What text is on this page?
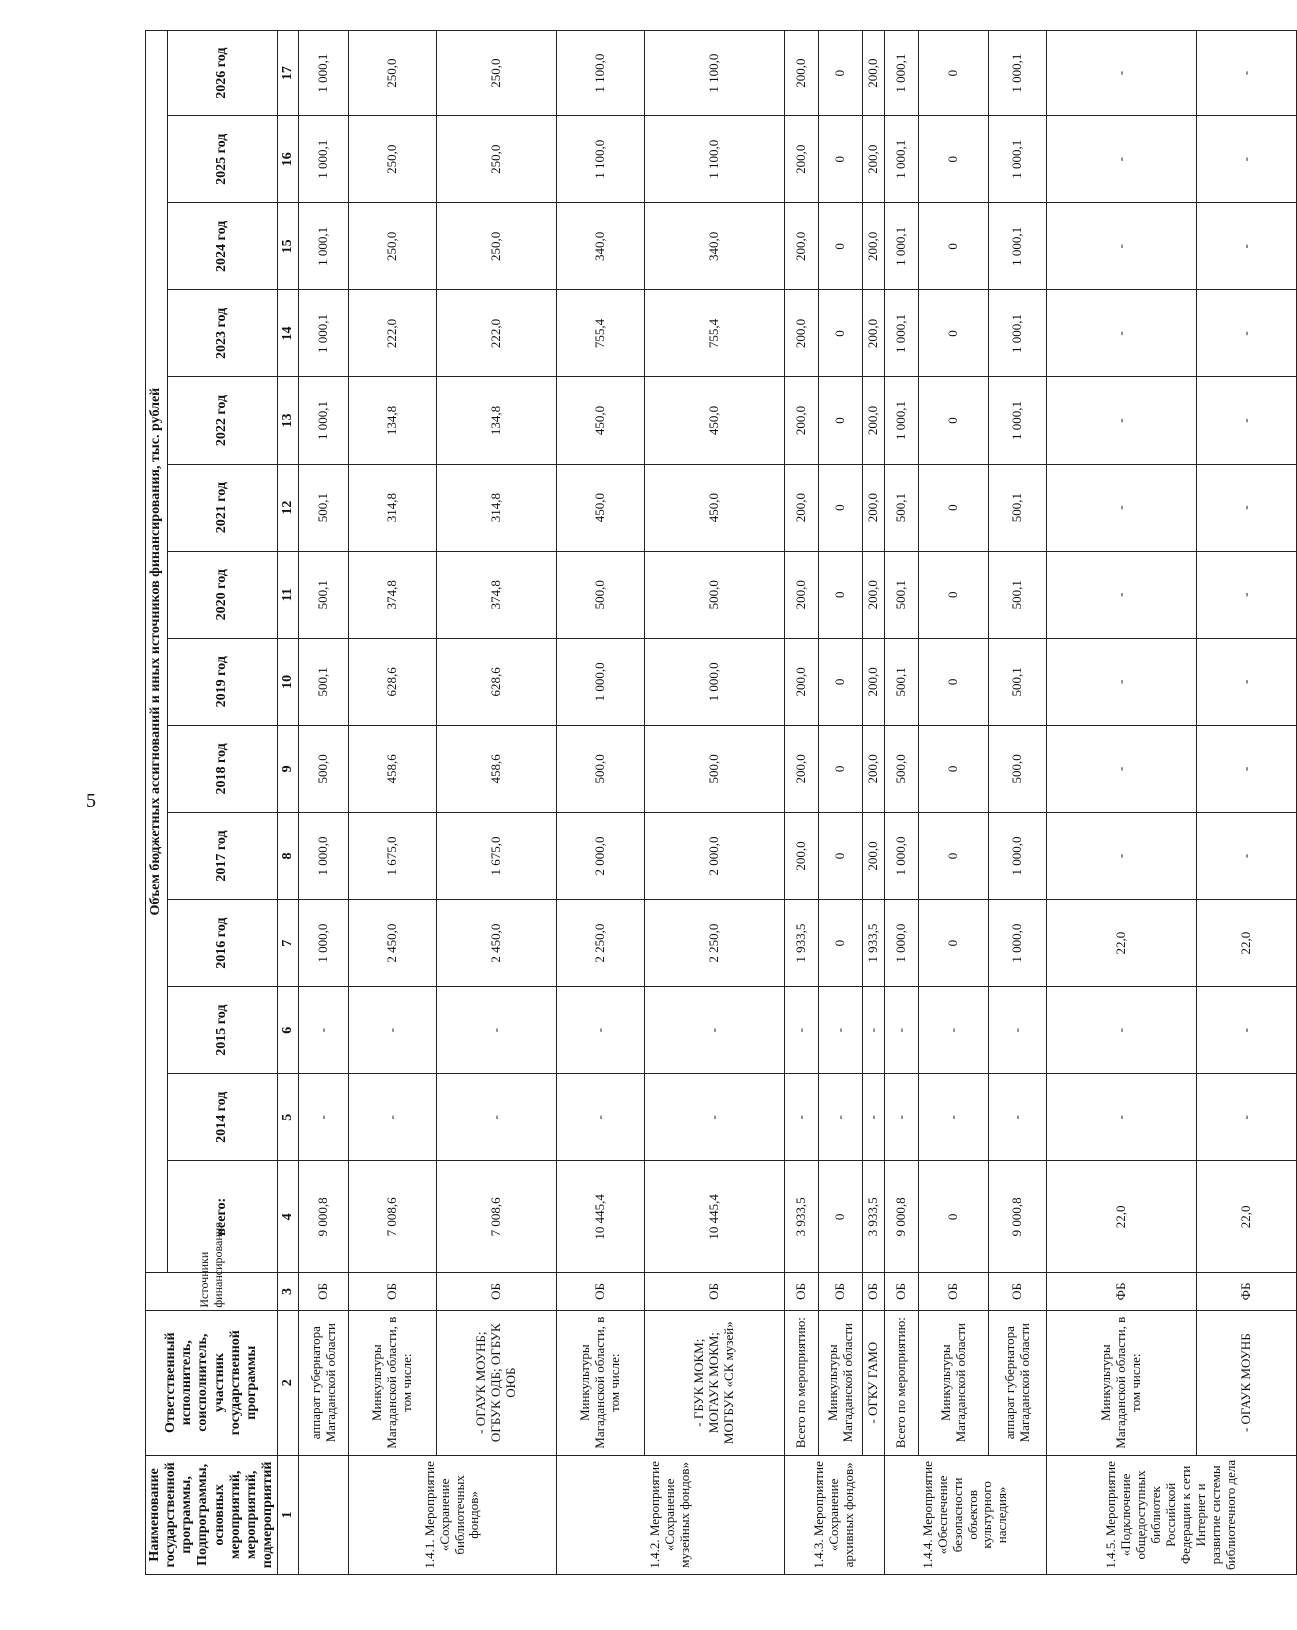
5
Наименование государственной программы, Подпрограммы, основных мероприятий, мероприятий, подмероприятий	Ответственный исполнитель, соисполнитель, участник государственной программы	Источники финансирования	Объем бюджетных ассигнований и иных источников финансирования, тыс. рублей													
			всего:	2014 год	2015 год	2016 год	2017 год	2018 год	2019 год	2020 год	2021 год	2022 год	2023 год	2024 год	2025 год	2026 год
1	2	3	4	5	6	7	8	9	10	11	12	13	14	15	16	17
	аппарат губернатора Магаданской области	ОБ	9 000,8	-	-	1 000,0	1 000,0	500,0	500,1	500,1	500,1	1 000,1	1 000,1	1 000,1	1 000,1	1 000,1
1.4.1. Мероприятие «Сохранение библиотечных фондов»	Минкультуры Магаданской области, в том числе:	ОБ	7 008,6	-	-	2 450,0	1 675,0	458,6	628,6	374,8	314,8	134,8	222,0	250,0	250,0	250,0
	- ОГАУК МОУНБ; ОГБУК ОДБ; ОГБУК ОЮБ	ОБ	7 008,6	-	-	2 450,0	1 675,0	458,6	628,6	374,8	314,8	134,8	222,0	250,0	250,0	250,0
1.4.2. Мероприятие «Сохранение музейных фондов»	Минкультуры Магаданской области, в том числе:	ОБ	10 445,4	-	-	2 250,0	2 000,0	500,0	1 000,0	500,0	450,0	450,0	755,4	340,0	1 100,0	1 100,0
	- ГБУК МОКМ; МОГАУК МОКМ; МОГБУК «СК музей»	ОБ	10 445,4	-	-	2 250,0	2 000,0	500,0	1 000,0	500,0	450,0	450,0	755,4	340,0	1 100,0	1 100,0
1.4.3. Мероприятие «Сохранение архивных фондов»	Всего по мероприятию:	ОБ	3 933,5	-	-	1 933,5	200,0	200,0	200,0	200,0	200,0	200,0	200,0	200,0	200,0	200,0
	Минкультуры Магаданской области	ОБ	0	-	-	0	0	0	0	0	0	0	0	0	0	0
	- ОГКУ ГАМО	ОБ	3 933,5	-	-	1 933,5	200,0	200,0	200,0	200,0	200,0	200,0	200,0	200,0	200,0	200,0
1.4.4. Мероприятие «Обеспечение безопасности объектов культурного наследия»	Всего по мероприятию:	ОБ	9 000,8	-	-	1 000,0	1 000,0	500,0	500,1	500,1	500,1	1 000,1	1 000,1	1 000,1	1 000,1	1 000,1
	Минкультуры Магаданской области	ОБ	0	-	-	0	0	0	0	0	0	0	0	0	0	0
	аппарат губернатора Магаданской области	ОБ	9 000,8	-	-	1 000,0	1 000,0	500,0	500,1	500,1	500,1	1 000,1	1 000,1	1 000,1	1 000,1	1 000,1
1.4.5. Мероприятие «Подключение общедоступных библиотек Российской Федерации к сети Интернет и развитие системы библиотечного дела	Минкультуры Магаданской области, в том числе:	ФБ	22,0	-	-	22,0	-	-	-	-	-	-	-	-	-	-
	- ОГАУК МОУНБ	ФБ	22,0	-	-	22,0	-	-	-	-	-	-	-	-	-	-
